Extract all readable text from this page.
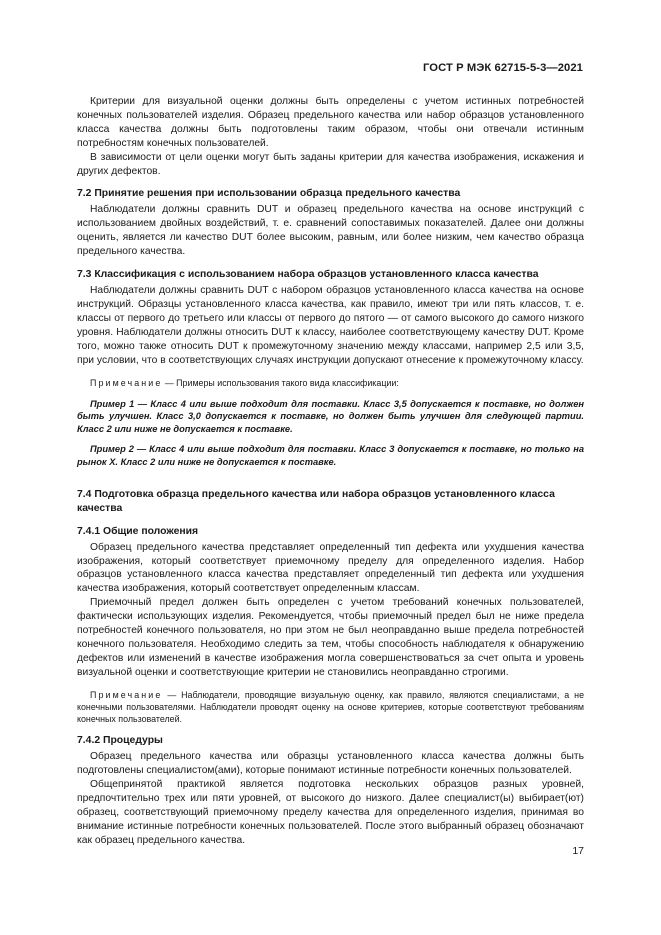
ГОСТ Р МЭК 62715-5-3—2021

Критерии для визуальной оценки должны быть определены с учетом истинных потребностей конечных пользователей изделия. Образец предельного качества или набор образцов установленного класса качества должны быть подготовлены таким образом, чтобы они отвечали истинным потребностям конечных пользователей.

В зависимости от цели оценки могут быть заданы критерии для качества изображения, искажения и других дефектов.

7.2 Принятие решения при использовании образца предельного качества

Наблюдатели должны сравнить DUT и образец предельного качества на основе инструкций с использованием двойных воздействий, т. е. сравнений сопоставимых показателей. Далее они должны оценить, является ли качество DUT более высоким, равным, или более низким, чем качество образца предельного качества.

7.3 Классификация с использованием набора образцов установленного класса качества

Наблюдатели должны сравнить DUT с набором образцов установленного класса качества на основе инструкций. Образцы установленного класса качества, как правило, имеют три или пять классов, т. е. классы от первого до третьего или классы от первого до пятого — от самого высокого до самого низкого уровня. Наблюдатели должны относить DUT к классу, наиболее соответствующему качеству DUT. Кроме того, можно также относить DUT к промежуточному значению между классами, например 2,5 или 3,5, при условии, что в соответствующих случаях инструкции допускают отнесение к промежуточному классу.

Примечание — Примеры использования такого вида классификации:
Пример 1 — Класс 4 или выше подходит для поставки. Класс 3,5 допускается к поставке, но должен быть улучшен. Класс 3,0 допускается к поставке, но должен быть улучшен для следующей партии. Класс 2 или ниже не допускается к поставке.
Пример 2 — Класс 4 или выше подходит для поставки. Класс 3 допускается к поставке, но только на рынок X. Класс 2 или ниже не допускается к поставке.
7.4 Подготовка образца предельного качества или набора образцов установленного класса качества
7.4.1 Общие положения

Образец предельного качества представляет определенный тип дефекта или ухудшения качества изображения, который соответствует приемочному пределу для определенного изделия. Набор образцов установленного класса качества представляет определенный тип дефекта или ухудшения качества изображения, который соответствует определенным классам.

Приемочный предел должен быть определен с учетом требований конечных пользователей, фактически использующих изделия. Рекомендуется, чтобы приемочный предел был не ниже предела потребностей конечного пользователя, но при этом не был неоправданно выше предела потребностей конечного пользователя. Необходимо следить за тем, чтобы способность наблюдателя к обнаружению дефектов или изменений в качестве изображения могла совершенствоваться за счет опыта и уровень визуальной оценки и соответствующие критерии не становились неоправданно строгими.

Примечание — Наблюдатели, проводящие визуальную оценку, как правило, являются специалистами, а не конечными пользователями. Наблюдатели проводят оценку на основе критериев, которые соответствуют требованиям конечных пользователей.
7.4.2 Процедуры

Образец предельного качества или образцы установленного класса качества должны быть подготовлены специалистом(ами), которые понимают истинные потребности конечных пользователей.

Общепринятой практикой является подготовка нескольких образцов разных уровней, предпочтительно трех или пяти уровней, от высокого до низкого. Далее специалист(ы) выбирает(ют) образец, соответствующий приемочному пределу качества для определенного изделия, принимая во внимание истинные потребности конечных пользователей. После этого выбранный образец обозначают как образец предельного качества.

17
